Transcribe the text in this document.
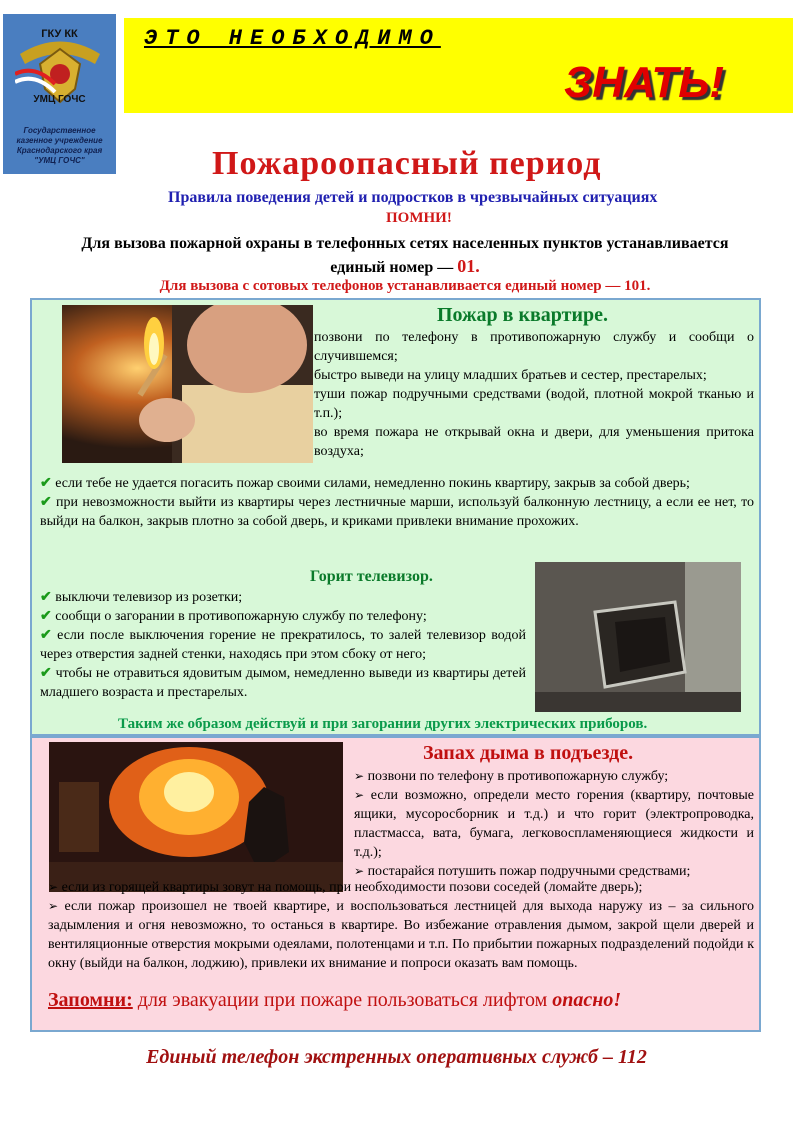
ГКУ КК
УМЦ ГОЧС
Государственное казенное учреждение Краснодарского края "УМЦ ГОЧС"
ЭТО НЕОБХОДИМО
ЗНАТЬ!
Пожароопасный период
Правила поведения детей и подростков в чрезвычайных ситуациях
ПОМНИ!
Для вызова пожарной охраны в телефонных сетях населенных пунктов устанавливается единый номер — 01.
Для вызова с сотовых телефонов устанавливается единый номер — 101.
Пожар в квартире.
позвони по телефону в противопожарную службу и сообщи о случившемся;
быстро выведи на улицу младших братьев и сестер, престарелых;
туши пожар подручными средствами (водой, плотной мокрой тканью и т.п.);
во время пожара не открывай окна и двери, для уменьшения притока воздуха;
✔ если тебе не удается погасить пожар своими силами, немедленно покинь квартиру, закрыв за собой дверь;
✔ при невозможности выйти из квартиры через лестничные марши, используй балконную лестницу, а если ее нет, то выйди на балкон, закрыв плотно за собой дверь, и криками привлеки внимание прохожих.
Горит телевизор.
✔ выключи телевизор из розетки;
✔ сообщи о загорании в противопожарную службу по телефону;
✔ если после выключения горение не прекратилось, то залей телевизор водой через отверстия задней стенки, находясь при этом сбоку от него;
✔ чтобы не отравиться ядовитым дымом, немедленно выведи из квартиры детей младшего возраста и престарелых.
Таким же образом действуй и при загорании других электрических приборов.
Запах дыма в подъезде.
➢ позвони по телефону в противопожарную службу;
➢ если возможно, определи место горения (квартиру, почтовые ящики, мусоросборник и т.д.) и что горит (электропроводка, пластмасса, вата, бумага, легковоспламеняющиеся жидкости и т.д.);
➢ постарайся потушить пожар подручными средствами;
➢ если из горящей квартиры зовут на помощь, при необходимости позови соседей (ломайте дверь);
➢ если пожар произошел не твоей квартире, и воспользоваться лестницей для выхода наружу из – за сильного задымления и огня невозможно, то останься в квартире. Во избежание отравления дымом, закрой щели дверей и вентиляционные отверстия мокрыми одеялами, полотенцами и т.п. По прибытии пожарных подразделений подойди к окну (выйди на балкон, лоджию), привлеки их внимание и попроси оказать вам помощь.
Запомни: для эвакуации при пожаре пользоваться лифтом опасно!
Единый телефон экстренных оперативных служб – 112
